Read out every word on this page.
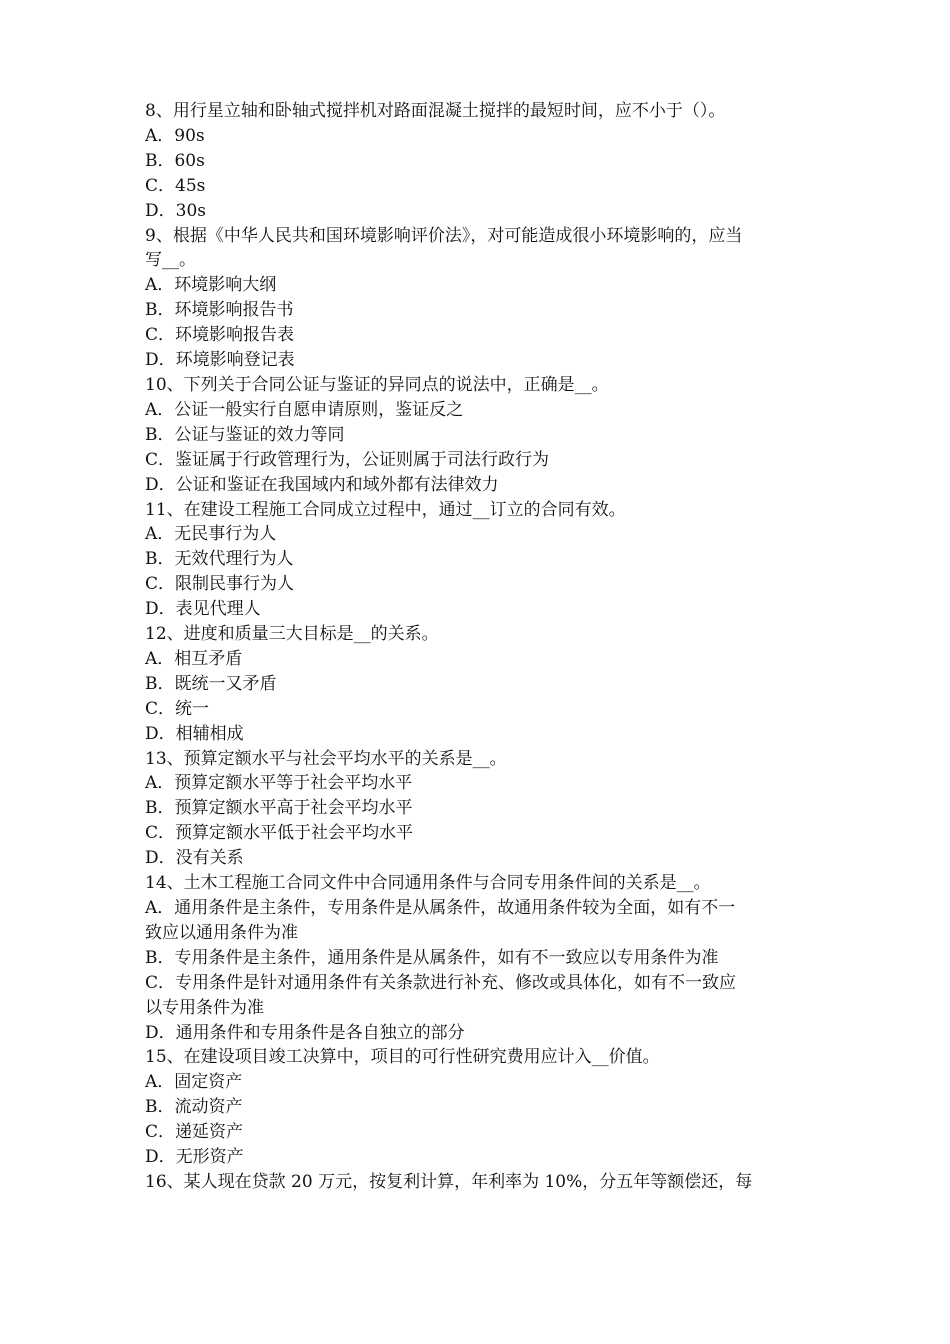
8、用行星立轴和卧轴式搅拌机对路面混凝土搅拌的最短时间，应不小于（）。

A．90s

B．60s

C．45s

D．30s

9、根据《中华人民共和国环境影响评价法》，对可能造成很小环境影响的，应当

写__。

A．环境影响大纲

B．环境影响报告书

C．环境影响报告表

D．环境影响登记表

10、下列关于合同公证与鉴证的异同点的说法中，正确是__。

A．公证一般实行自愿申请原则，鉴证反之

B．公证与鉴证的效力等同

C．鉴证属于行政管理行为，公证则属于司法行政行为

D．公证和鉴证在我国域内和域外都有法律效力

11、在建设工程施工合同成立过程中，通过__订立的合同有效。

A．无民事行为人

B．无效代理行为人

C．限制民事行为人

D．表见代理人

12、进度和质量三大目标是__的关系。

A．相互矛盾

B．既统一又矛盾

C．统一

D．相辅相成

13、预算定额水平与社会平均水平的关系是__。

A．预算定额水平等于社会平均水平

B．预算定额水平高于社会平均水平

C．预算定额水平低于社会平均水平

D．没有关系

14、土木工程施工合同文件中合同通用条件与合同专用条件间的关系是__。

A．通用条件是主条件，专用条件是从属条件，故通用条件较为全面，如有不一

致应以通用条件为准

B．专用条件是主条件，通用条件是从属条件，如有不一致应以专用条件为准

C．专用条件是针对通用条件有关条款进行补充、修改或具体化，如有不一致应

以专用条件为准

D．通用条件和专用条件是各自独立的部分

15、在建设项目竣工决算中，项目的可行性研究费用应计入__价值。

A．固定资产

B．流动资产

C．递延资产

D．无形资产

16、某人现在贷款 20 万元，按复利计算，年利率为 10%，分五年等额偿还，每
